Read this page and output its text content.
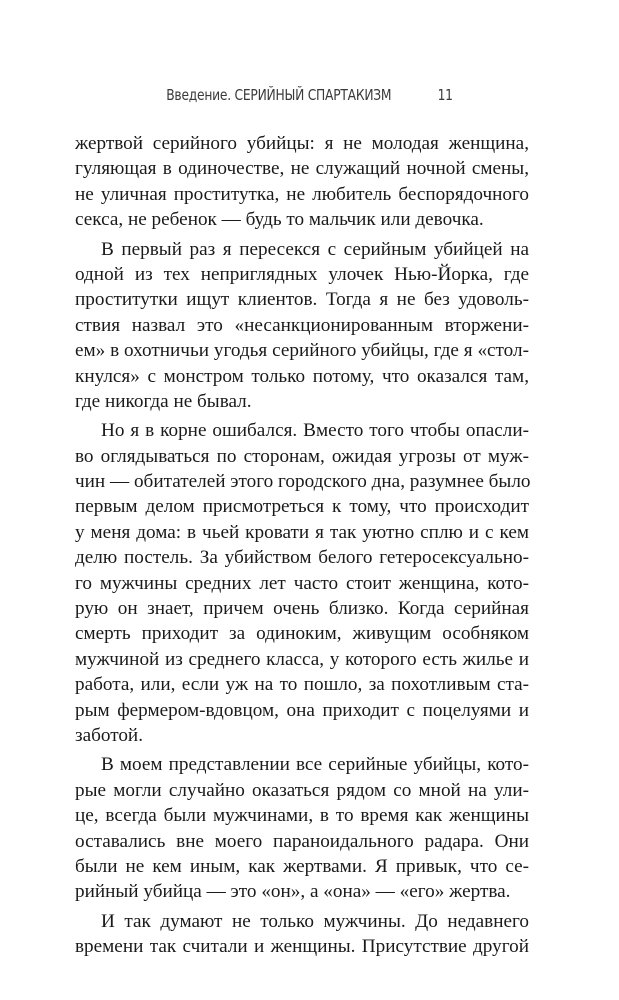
Введение. СЕРИЙНЫЙ СПАРТАКИЗМ	11
жертвой серийного убийцы: я не молодая женщина,
гуляющая в одиночестве, не служащий ночной смены,
не уличная проститутка, не любитель беспорядочного
секса, не ребенок — будь то мальчик или девочка.
В первый раз я пересекся с серийным убийцей на
одной из тех неприглядных улочек Нью-Йорка, где
проститутки ищут клиентов. Тогда я не без удоволь-
ствия назвал это «несанкционированным вторжени-
ем» в охотничьи угодья серийного убийцы, где я «стол-
кнулся» с монстром только потому, что оказался там,
где никогда не бывал.
Но я в корне ошибался. Вместо того чтобы опасли-
во оглядываться по сторонам, ожидая угрозы от муж-
чин — обитателей этого городского дна, разумнее было
первым делом присмотреться к тому, что происходит
у меня дома: в чьей кровати я так уютно сплю и с кем
делю постель. За убийством белого гетеросексуально-
го мужчины средних лет часто стоит женщина, кото-
рую он знает, причем очень близко. Когда серийная
смерть приходит за одиноким, живущим особняком
мужчиной из среднего класса, у которого есть жилье и
работа, или, если уж на то пошло, за похотливым ста-
рым фермером-вдовцом, она приходит с поцелуями и
заботой.
В моем представлении все серийные убийцы, кото-
рые могли случайно оказаться рядом со мной на ули-
це, всегда были мужчинами, в то время как женщины
оставались вне моего параноидального радара. Они
были не кем иным, как жертвами. Я привык, что се-
рийный убийца — это «он», а «она» — «его» жертва.
И так думают не только мужчины. До недавнего
времени так считали и женщины. Присутствие другой
